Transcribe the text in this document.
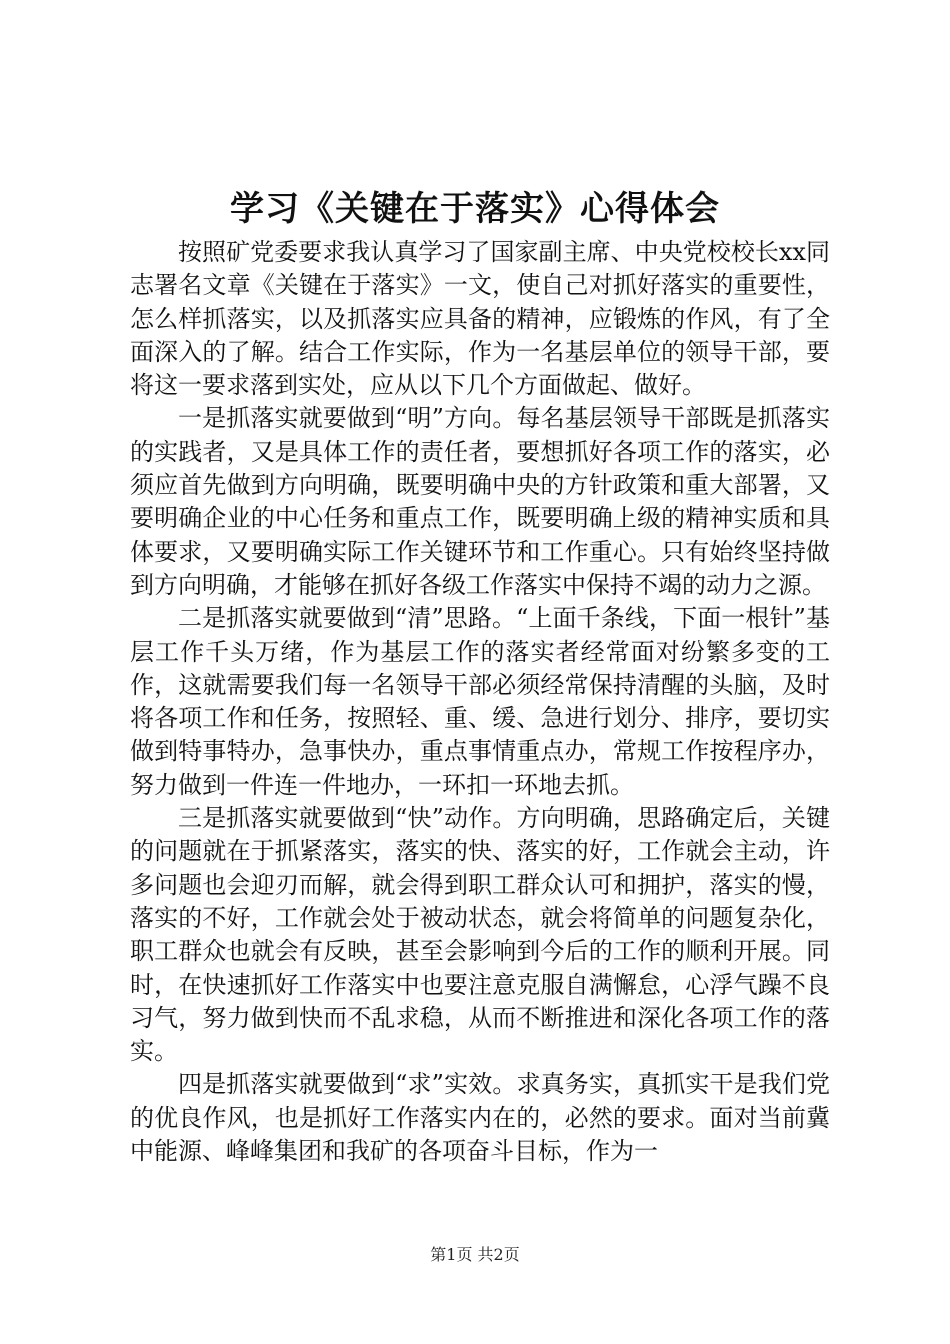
学习《关键在于落实》心得体会

按照矿党委要求我认真学习了国家副主席、中央党校校长xx同志署名文章《关键在于落实》一文，使自己对抓好落实的重要性，怎么样抓落实，以及抓落实应具备的精神，应锻炼的作风，有了全面深入的了解。结合工作实际，作为一名基层单位的领导干部，要将这一要求落到实处，应从以下几个方面做起、做好。

一是抓落实就要做到“明”方向。每名基层领导干部既是抓落实的实践者，又是具体工作的责任者，要想抓好各项工作的落实，必须应首先做到方向明确，既要明确中央的方针政策和重大部署，又要明确企业的中心任务和重点工作，既要明确上级的精神实质和具体要求，又要明确实际工作关键环节和工作重心。只有始终坚持做到方向明确，才能够在抓好各级工作落实中保持不竭的动力之源。

二是抓落实就要做到“清”思路。“上面千条线，下面一根针”基层工作千头万绪，作为基层工作的落实者经常面对纷繁多变的工作，这就需要我们每一名领导干部必须经常保持清醒的头脑，及时将各项工作和任务，按照轻、重、缓、急进行划分、排序，要切实做到特事特办，急事快办，重点事情重点办，常规工作按程序办，努力做到一件连一件地办，一环扣一环地去抓。

三是抓落实就要做到“快”动作。方向明确，思路确定后，关键的问题就在于抓紧落实，落实的快、落实的好，工作就会主动，许多问题也会迎刃而解，就会得到职工群众认可和拥护，落实的慢，落实的不好，工作就会处于被动状态，就会将简单的问题复杂化，职工群众也就会有反映，甚至会影响到今后的工作的顺利开展。同时，在快速抓好工作落实中也要注意克服自满懈怠，心浮气躁不良习气，努力做到快而不乱求稳，从而不断推进和深化各项工作的落实。

四是抓落实就要做到“求”实效。求真务实，真抓实干是我们党的优良作风，也是抓好工作落实内在的，必然的要求。面对当前冀中能源、峰峰集团和我矿的各项奋斗目标，作为一

第1页 共2页
